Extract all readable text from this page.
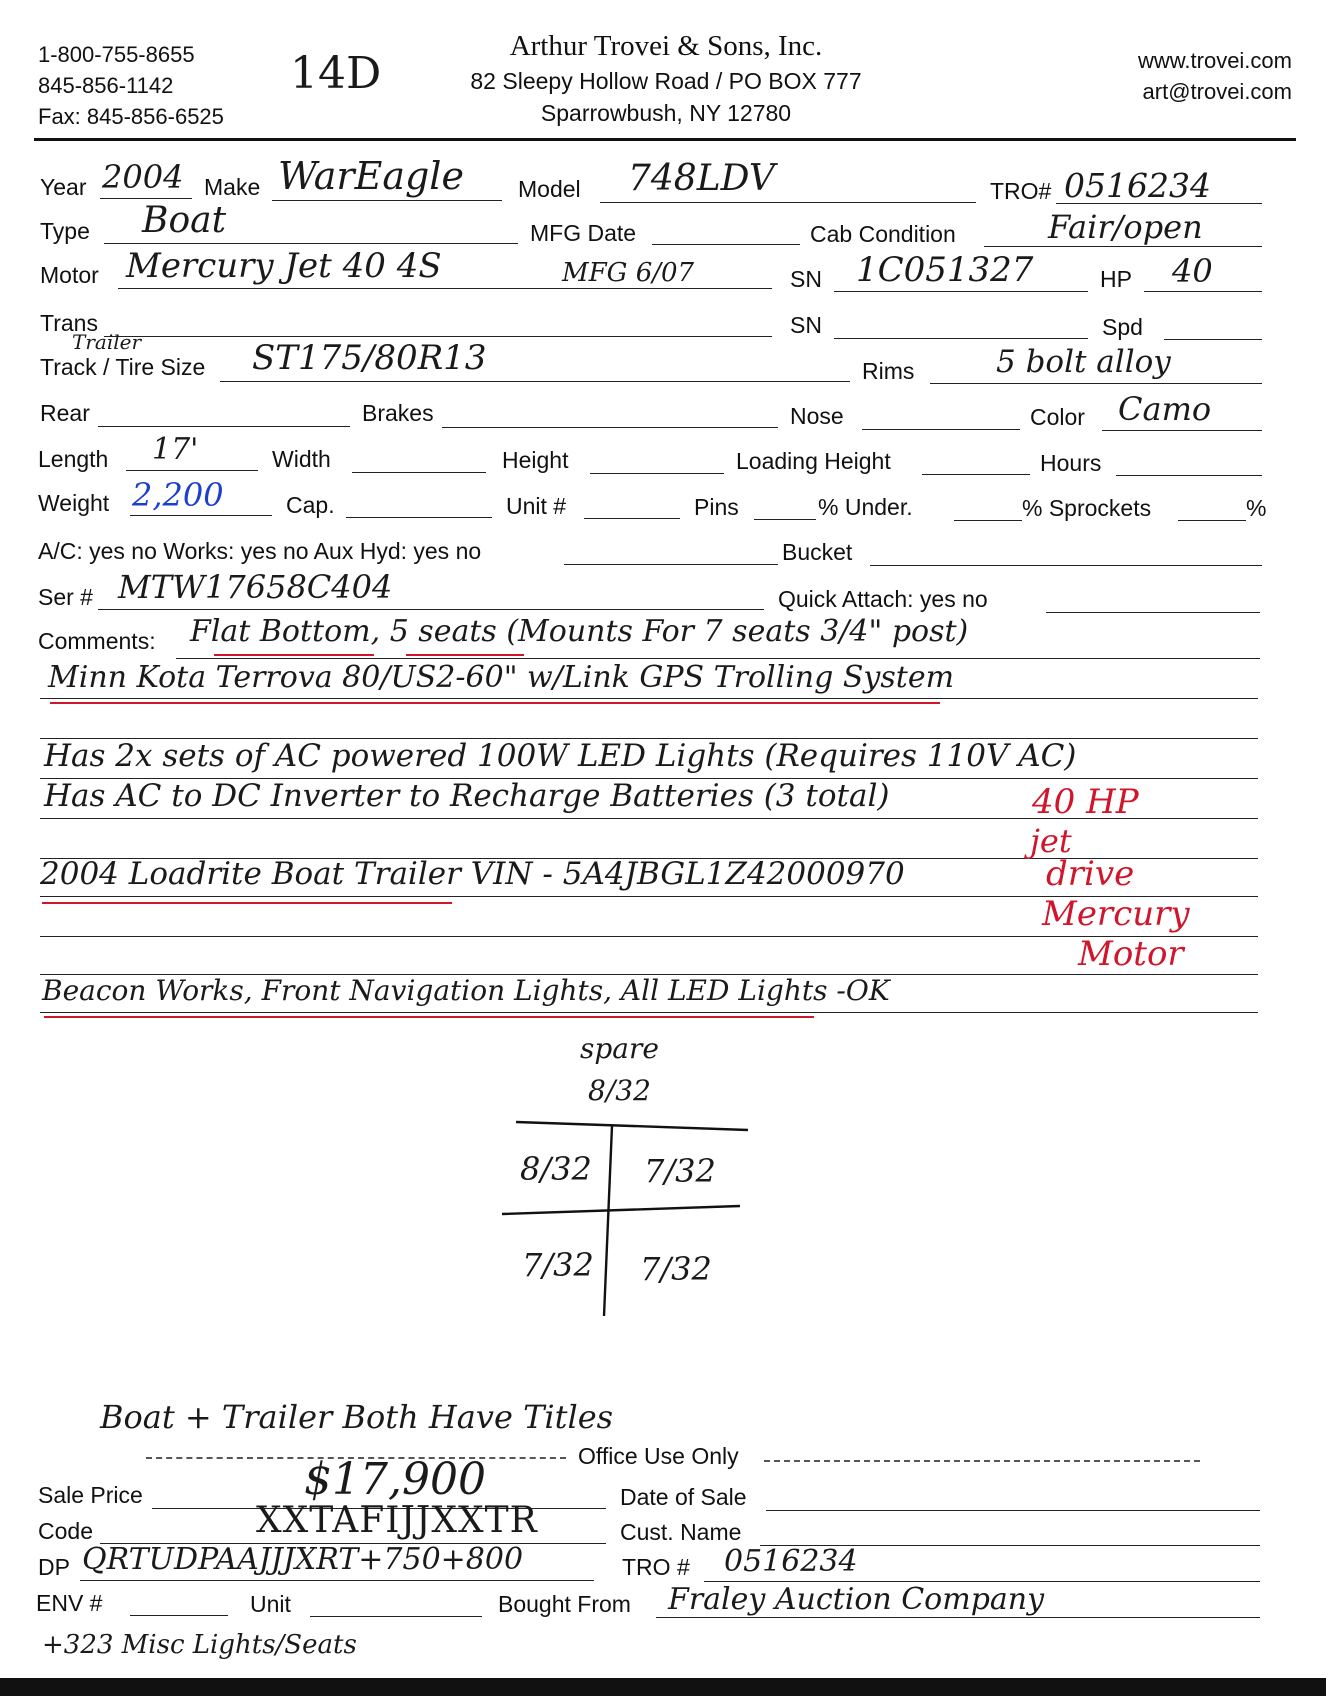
1-800-755-8655
845-856-1142
Fax: 845-856-6525
14D
Arthur Trovei & Sons, Inc.
82 Sleepy Hollow Road / PO BOX 777
Sparrowbush, NY 12780
www.trovei.com
art@trovei.com
Year 2004 Make WarEagle Model 748LDV	TRO# 0516234
Type Boat	MFG Date	Cab Condition	Fair/open
Motor Mercury Jet 40 4S	MFG 6/07	SN 1C051327	HP 40
Trans	SN	Spd
Trailer
Track / Tire Size ST175/80R13	Rims	5 bolt alloy
Rear	Brakes	Nose	Color Camo
Length 17'	Width	Height	Loading Height	Hours
Weight 2,200	Cap.	Unit #	Pins	% Under.	% Sprockets	%
A/C: yes no Works: yes no Aux Hyd: yes no	Bucket
Ser # MTW17658C404	Quick Attach: yes no
Comments: Flat Bottom, 5 seats (Mounts For 7 seats 3/4" post)
Minn Kota Terrova 80/US2-60" w/Link GPS Trolling System
Has 2x sets of AC powered 100W LED Lights (Requires 110V AC)
Has AC to DC Inverter to Recharge Batteries (3 total)
2004 Loadrite Boat Trailer VIN - 5A4JBGL1Z42000970
Beacon Works, Front Navigation Lights, All LED Lights -OK
40 HP
jet
drive
Mercury
Motor
spare
8/32
8/32 7/32
7/32 7/32
Boat + Trailer Both Have Titles
Office Use Only
Sale Price	$17,900	Date of Sale
Code	XXTAFIJJXXTR	Cust. Name
DP QRTUDPAAJJJXRT+750+800	TRO # 0516234
ENV #	Unit	Bought From Fraley Auction Company
+323 Misc Lights/Seats
